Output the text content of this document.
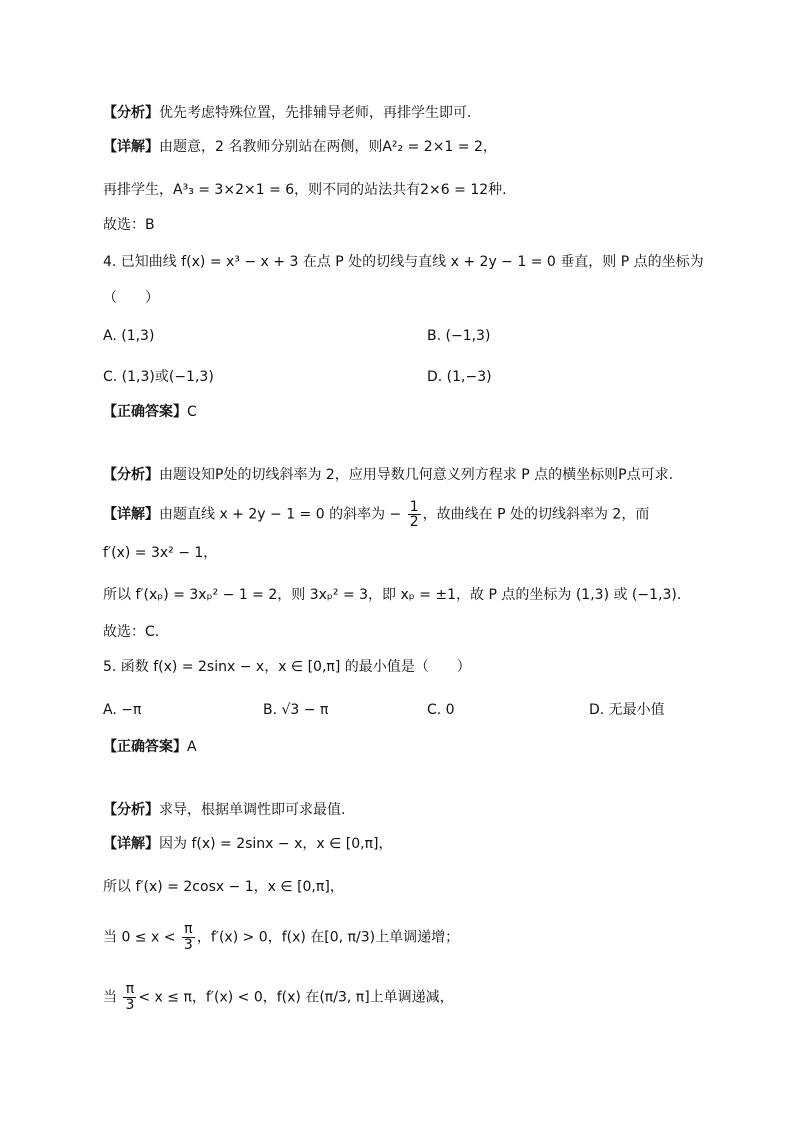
【分析】优先考虑特殊位置，先排辅导老师，再排学生即可.
【详解】由题意，2 名教师分别站在两侧，则A²₂ = 2×1 = 2，
再排学生，A³₃ = 3×2×1 = 6，则不同的站法共有2×6 = 12种.
故选：B
4. 已知曲线 f(x) = x³ − x + 3 在点 P 处的切线与直线 x + 2y − 1 = 0 垂直，则 P 点的坐标为
（　　）
A. (1,3)	B. (−1,3)
C. (1,3)或(−1,3)	D. (1,−3)
【正确答案】C
【分析】由题设知P处的切线斜率为 2，应用导数几何意义列方程求 P 点的横坐标则P点可求.
【详解】由题直线 x + 2y − 1 = 0 的斜率为 − $\frac{1}{2}$ ，故曲线在 P 处的切线斜率为 2，而
f′(x) = 3x² − 1，
所以 f′(xₚ) = 3xₚ² − 1 = 2，则 3xₚ² = 3，即 xₚ = ±1，故 P 点的坐标为 (1,3) 或 (−1,3).
故选：C.
5. 函数 f(x) = 2sinx − x，x ∈ [0,π] 的最小值是（　　）
A. −π	B. √3 − π	C. 0	D. 无最小值
【正确答案】A
【分析】求导，根据单调性即可求最值.
【详解】因为 f(x) = 2sinx − x，x ∈ [0,π]，
所以 f′(x) = 2cosx − 1，x ∈ [0,π]，
当 $0 \le x < \frac{\pi}{3}$ ，f′(x) > 0，f(x) 在[0, π/3)上单调递增；
当 $\frac{\pi}{3} < x \le \pi$，f′(x) < 0，f(x) 在(π/3, π]上单调递减，
